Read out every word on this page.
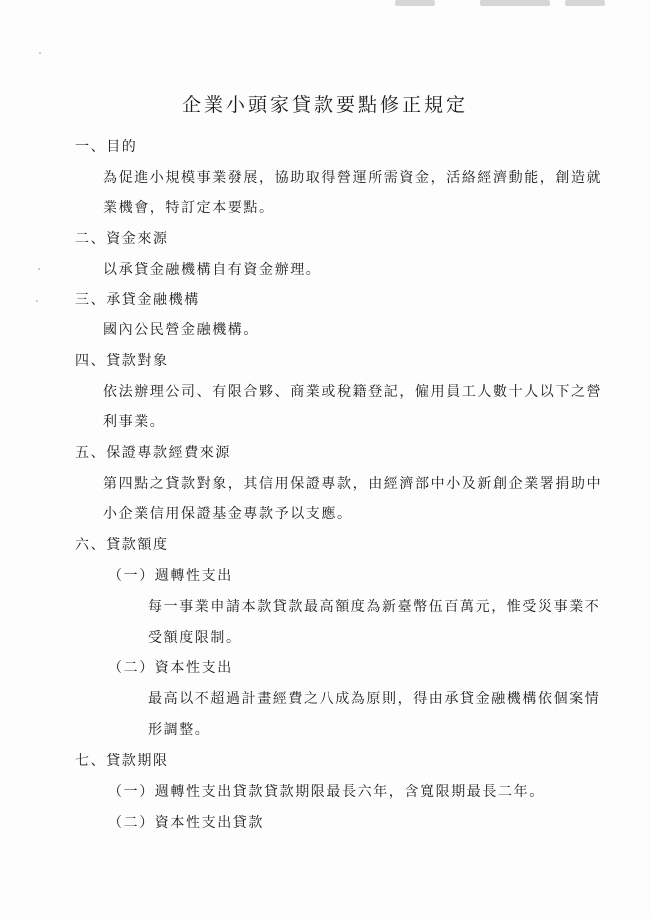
企業小頭家貸款要點修正規定
一、目的
為促進小規模事業發展，協助取得營運所需資金，活絡經濟動能，創造就
業機會，特訂定本要點。
二、資金來源
以承貸金融機構自有資金辦理。
三、承貸金融機構
國內公民營金融機構。
四、貸款對象
依法辦理公司、有限合夥、商業或稅籍登記，僱用員工人數十人以下之營
利事業。
五、保證專款經費來源
第四點之貸款對象，其信用保證專款，由經濟部中小及新創企業署捐助中
小企業信用保證基金專款予以支應。
六、貸款額度
（一）週轉性支出
每一事業申請本款貸款最高額度為新臺幣伍百萬元，惟受災事業不
受額度限制。
（二）資本性支出
最高以不超過計畫經費之八成為原則，得由承貸金融機構依個案情
形調整。
七、貸款期限
（一）週轉性支出貸款貸款期限最長六年，含寬限期最長二年。
（二）資本性支出貸款
